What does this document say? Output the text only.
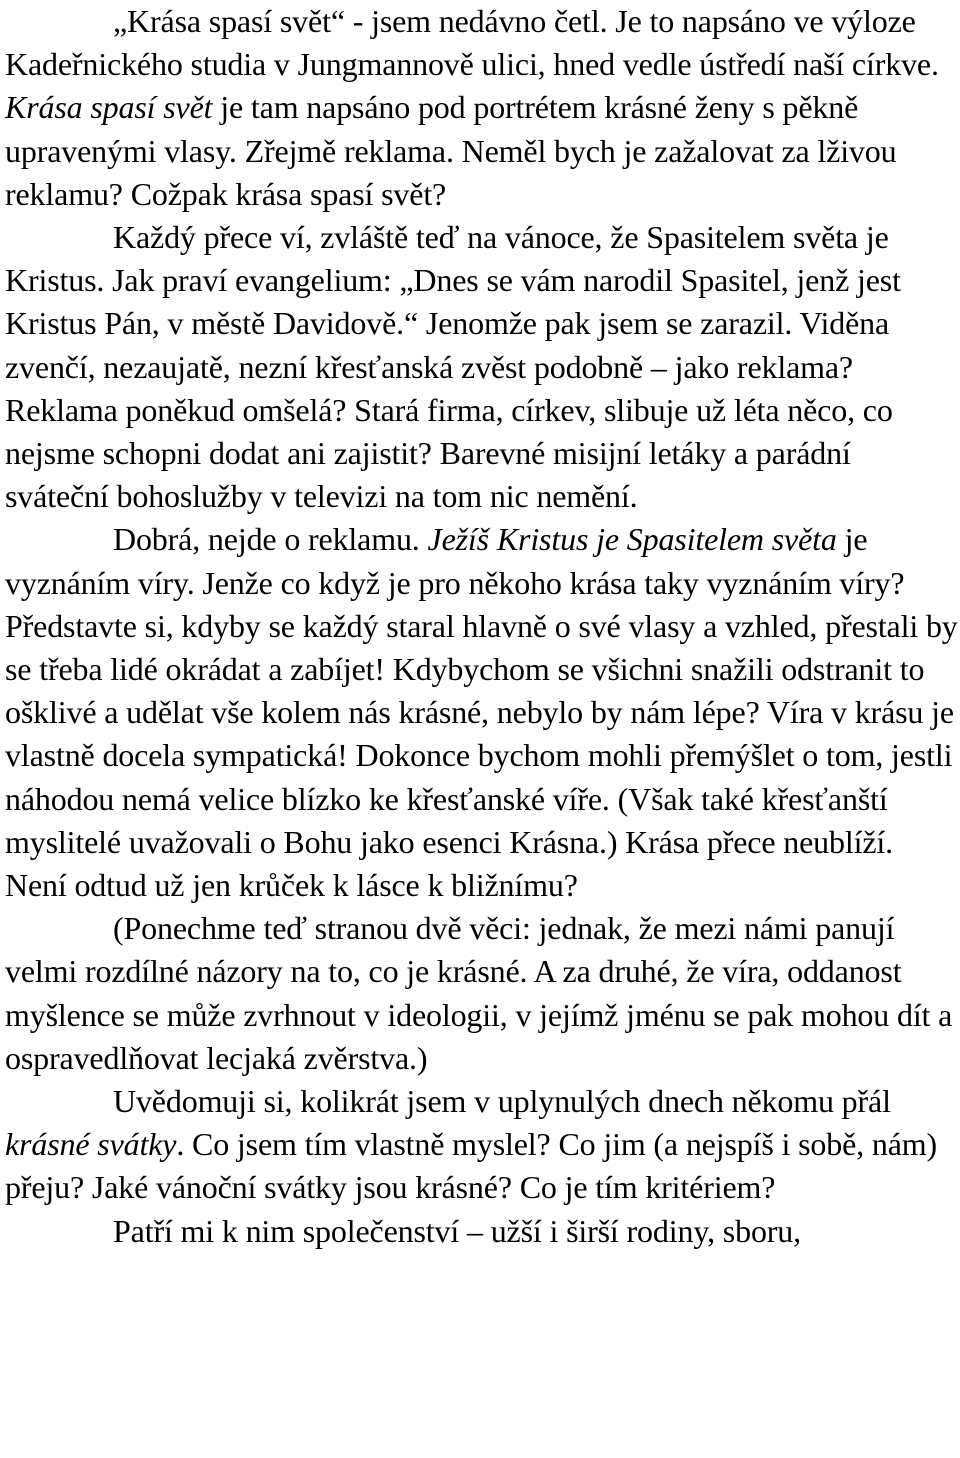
„Krása spasí svět“ - jsem nedávno četl. Je to napsáno ve výloze Kadeřnického studia v Jungmannově ulici, hned vedle ústředí naší církve. Krása spasí svět je tam napsáno pod portrétem krásné ženy s pěkně upravenými vlasy. Zřejmě reklama. Neměl bych je zažalovat za lživou reklamu? Cožpak krása spasí svět?

Každý přece ví, zvláště teď na vánoce, že Spasitelem světa je Kristus. Jak praví evangelium: „Dnes se vám narodil Spasitel, jenž jest Kristus Pán, v městě Davidově.“ Jenomže pak jsem se zarazil. Viděna zvenčí, nezaujatě, nezní křesťanská zvěst podobně – jako reklama? Reklama poněkud omšelá? Stará firma, církev, slibuje už léta něco, co nejsme schopni dodat ani zajistit? Barevné misijní letáky a parádní sváteční bohoslužby v televizi na tom nic nemění.

Dobrá, nejde o reklamu. Ježíš Kristus je Spasitelem světa je vyznáním víry. Jenže co když je pro někoho krása taky vyznáním víry? Představte si, kdyby se každý staral hlavně o své vlasy a vzhled, přestali by se třeba lidé okrádat a zabíjet! Kdybychom se všichni snažili odstranit to ošklivé a udělat vše kolem nás krásné, nebylo by nám lépe? Víra v krásu je vlastně docela sympatická! Dokonce bychom mohli přemýšlet o tom, jestli náhodou nemá velice blízko ke křesťanské víře. (Však také křesťanští myslitelé uvažovali o Bohu jako esenci Krásna.) Krása přece neublíží. Není odtud už jen krůček k lásce k bližnímu?

(Ponechme teď stranou dvě věci: jednak, že mezi námi panují velmi rozdílné názory na to, co je krásné. A za druhé, že víra, oddanost myšlence se může zvrhnout v ideologii, v jejímž jménu se pak mohou dít a ospravedlňovat lecjaká zvěrstva.)

Uvědomuji si, kolikrát jsem v uplynulých dnech někomu přál krásné svátky. Co jsem tím vlastně myslel? Co jim (a nejspíš i sobě, nám) přeju? Jaké vánoční svátky jsou krásné? Co je tím kritériem?

Patří mi k nim společenství – užší i širší rodiny, sboru,
